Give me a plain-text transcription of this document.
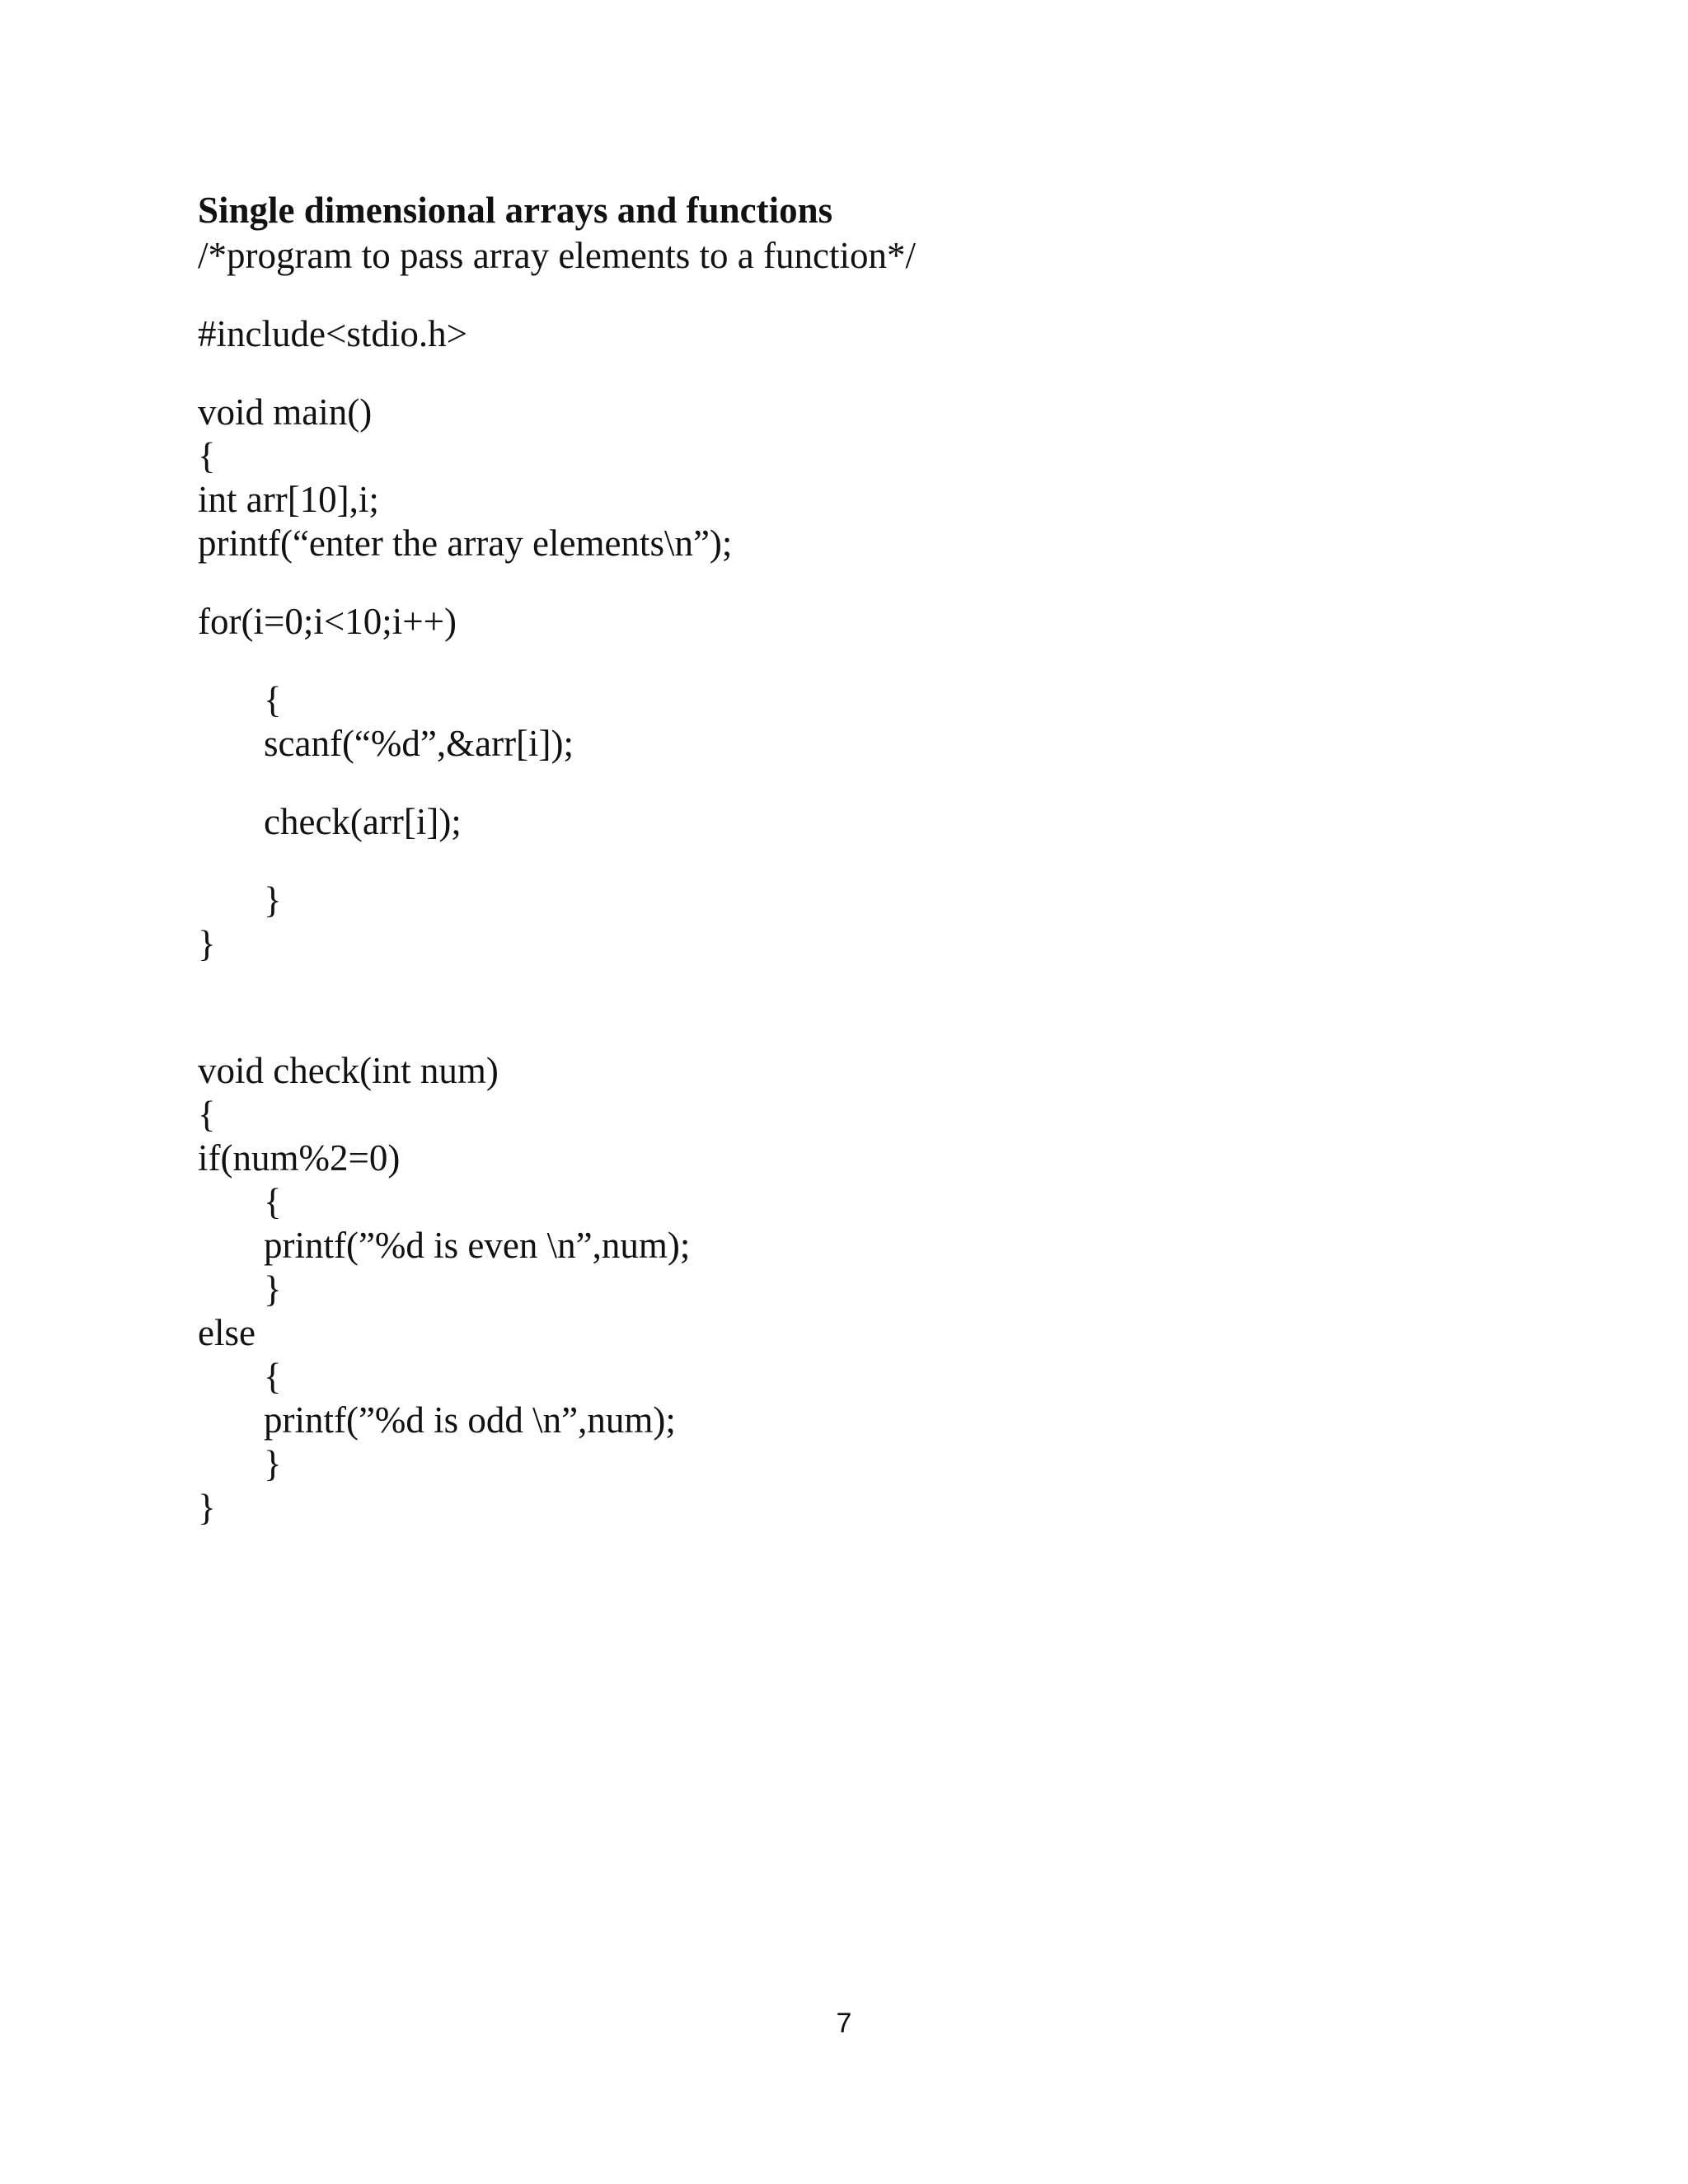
Single dimensional arrays and functions
/*program to pass array elements to a function*/
#include<stdio.h>
void main()
{
int arr[10],i;
printf(“enter the array elements\n”);
for(i=0;i<10;i++)
{
scanf(“%d”,&arr[i]);
check(arr[i]);
}
}
void check(int num)
{
if(num%2=0)
{
printf(”%d is even \n”,num);
}
else
{
printf(”%d is odd \n”,num);
}
}
7
